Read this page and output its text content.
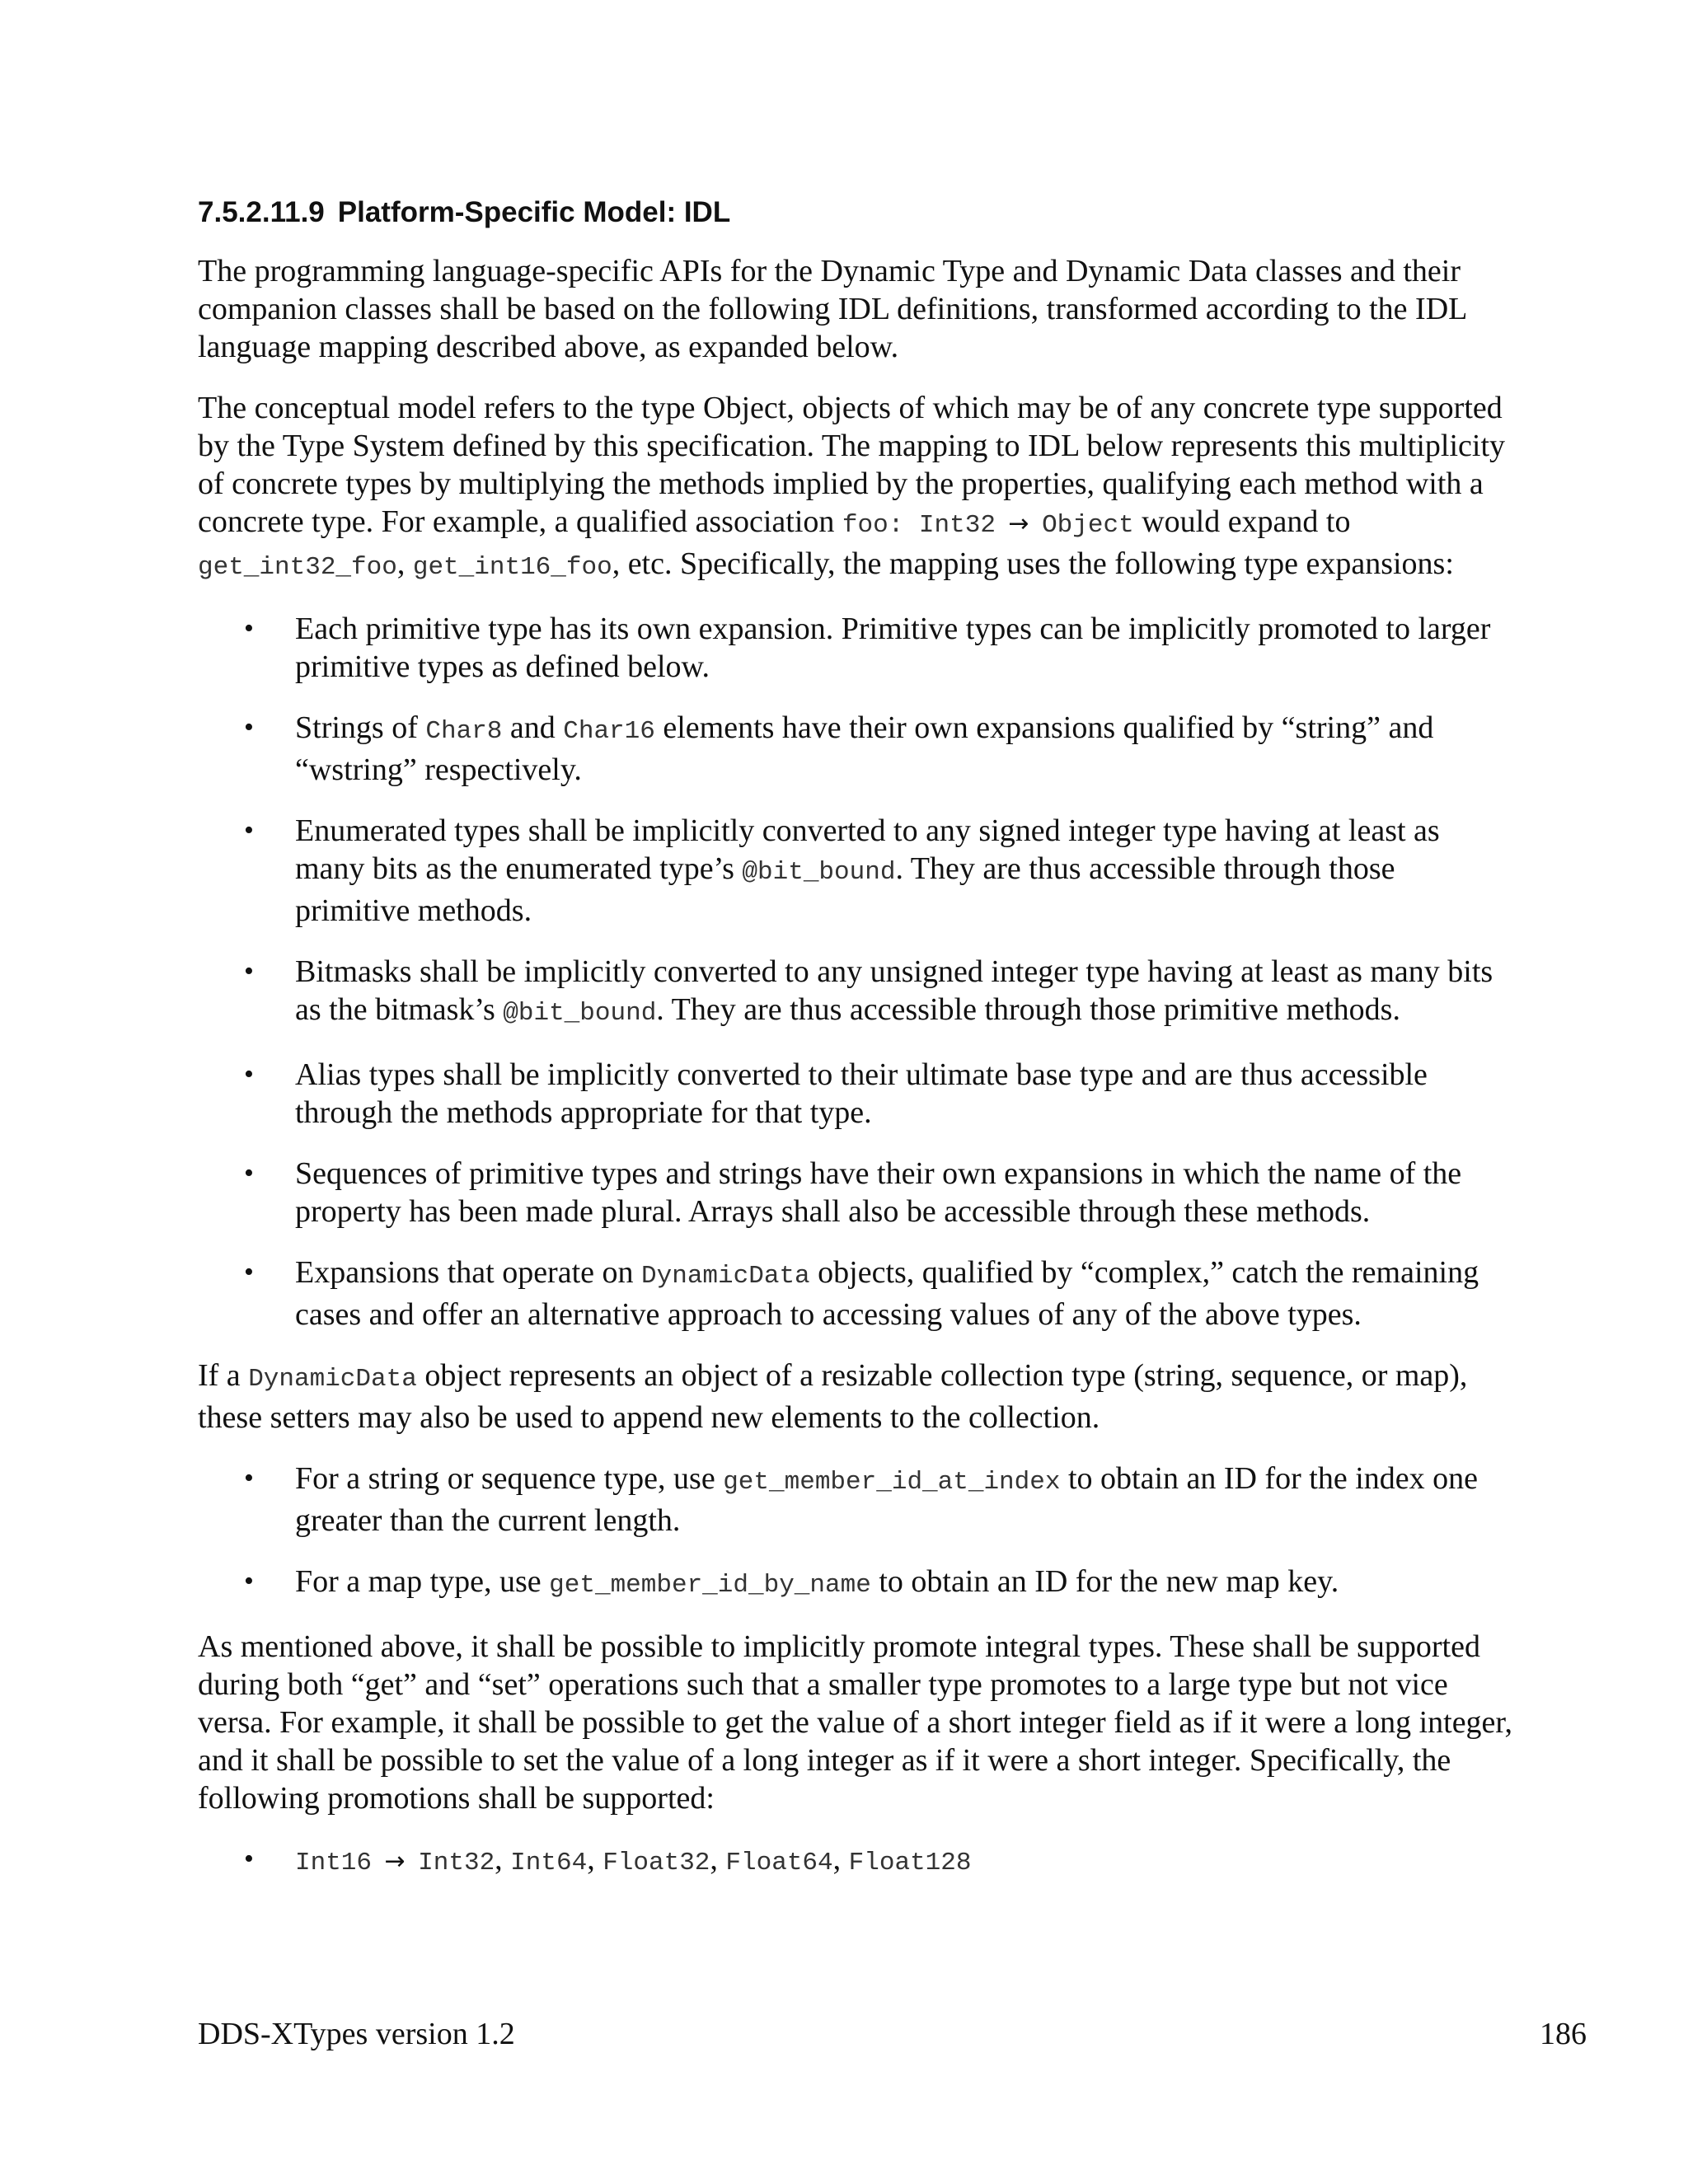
7.5.2.11.9 Platform-Specific Model: IDL

The programming language-specific APIs for the Dynamic Type and Dynamic Data classes and their companion classes shall be based on the following IDL definitions, transformed according to the IDL language mapping described above, as expanded below.

The conceptual model refers to the type Object, objects of which may be of any concrete type supported by the Type System defined by this specification. The mapping to IDL below represents this multiplicity of concrete types by multiplying the methods implied by the properties, qualifying each method with a concrete type. For example, a qualified association foo: Int32 → Object would expand to get_int32_foo, get_int16_foo, etc. Specifically, the mapping uses the following type expansions:

• Each primitive type has its own expansion. Primitive types can be implicitly promoted to larger primitive types as defined below.
• Strings of Char8 and Char16 elements have their own expansions qualified by “string” and “wstring” respectively.
• Enumerated types shall be implicitly converted to any signed integer type having at least as many bits as the enumerated type’s @bit_bound. They are thus accessible through those primitive methods.
• Bitmasks shall be implicitly converted to any unsigned integer type having at least as many bits as the bitmask’s @bit_bound. They are thus accessible through those primitive methods.
• Alias types shall be implicitly converted to their ultimate base type and are thus accessible through the methods appropriate for that type.
• Sequences of primitive types and strings have their own expansions in which the name of the property has been made plural. Arrays shall also be accessible through these methods.
• Expansions that operate on DynamicData objects, qualified by “complex,” catch the remaining cases and offer an alternative approach to accessing values of any of the above types.

If a DynamicData object represents an object of a resizable collection type (string, sequence, or map), these setters may also be used to append new elements to the collection.

• For a string or sequence type, use get_member_id_at_index to obtain an ID for the index one greater than the current length.
• For a map type, use get_member_id_by_name to obtain an ID for the new map key.

As mentioned above, it shall be possible to implicitly promote integral types. These shall be supported during both “get” and “set” operations such that a smaller type promotes to a large type but not vice versa. For example, it shall be possible to get the value of a short integer field as if it were a long integer, and it shall be possible to set the value of a long integer as if it were a short integer. Specifically, the following promotions shall be supported:

• Int16 → Int32, Int64, Float32, Float64, Float128
DDS-XTypes version 1.2	186
